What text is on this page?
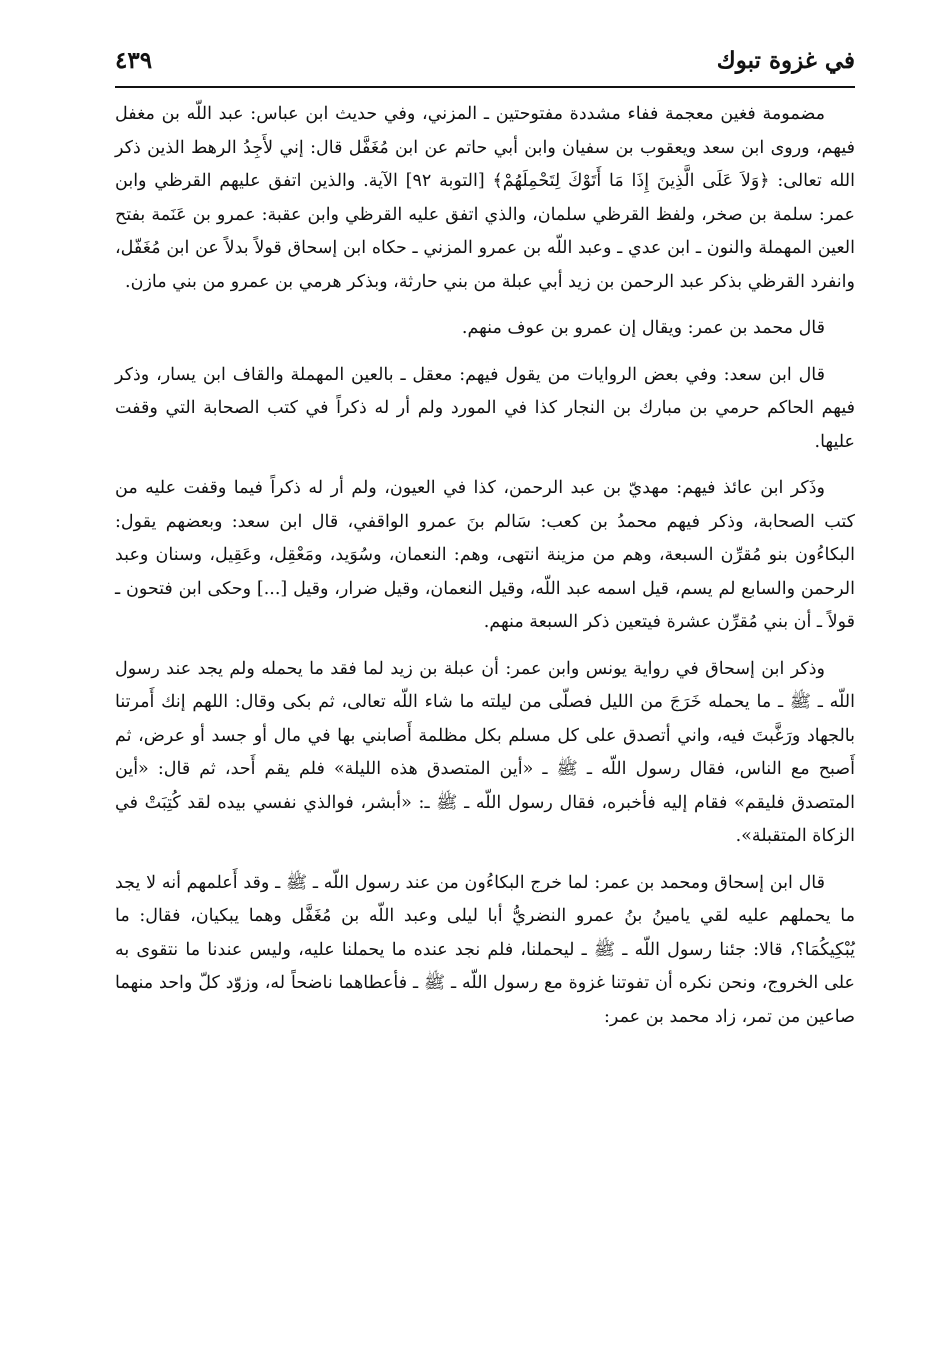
في غزوة تبوك
٤٣٩

مضمومة فغين معجمة ففاء مشددة مفتوحتين ـ المزني، وفي حديث ابن عباس: عبد اللّه بن مغفل فيهم، وروى ابن سعد ويعقوب بن سفيان وابن أبي حاتم عن ابن مُغَفَّل قال: إني لأَجِدُ الرهط الذين ذكر الله تعالى: ﴿وَلاَ عَلَى الَّذِينَ إِذَا مَا أَتَوْكَ لِتَحْمِلَهُمْ﴾ [التوبة ٩٢] الآية. والذين اتفق عليهم القرظي وابن عمر: سلمة بن صخر، ولفظ القرظي سلمان، والذي اتفق عليه القرظي وابن عقبة: عمرو بن عَنَمة بفتح العين المهملة والنون ـ ابن عدي ـ وعبد اللّه بن عمرو المزني ـ حكاه ابن إسحاق قولاً بدلاً عن ابن مُغَفّل، وانفرد القرظي بذكر عبد الرحمن بن زيد أبي عبلة من بني حارثة، وبذكر هرمي بن عمرو من بني مازن.

قال محمد بن عمر: ويقال إن عمرو بن عوف منهم.

قال ابن سعد: وفي بعض الروايات من يقول فيهم: معقل ـ بالعين المهملة والقاف ابن يسار، وذكر فيهم الحاكم حرمي بن مبارك بن النجار كذا في المورد ولم أر له ذكراً في كتب الصحابة التي وقفت عليها.

وذَكر ابن عائذ فيهم: مهديّ بن عبد الرحمن، كذا في العيون، ولم أر له ذكراً فيما وقفت عليه من كتب الصحابة، وذكر فيهم محمدُ بن كعب: سَالم بنَ عمرو الواقفي، قال ابن سعد: وبعضهم يقول: البكاءُون بنو مُقرِّن السبعة، وهم من مزينة انتهى، وهم: النعمان، وسُوَيد، ومَعْقِل، وعَقِيل، وسنان وعبد الرحمن والسابع لم يسم، قيل اسمه عبد اللّه، وقيل النعمان، وقيل ضرار، وقيل [...] وحكى ابن فتحون ـ قولاً ـ أن بني مُقرِّن عشرة فيتعين ذكر السبعة منهم.

وذكر ابن إسحاق في رواية يونس وابن عمر: أن عبلة بن زيد لما فقد ما يحمله ولم يجد عند رسول اللّه ـ ﷺ ـ ما يحمله خَرَجَ من الليل فصلّى من ليلته ما شاء اللّه تعالى، ثم بكى وقال: اللهم إنك أَمرتنا بالجهاد ورَغَّبتَ فيه، واني أتصدق على كل مسلم بكل مظلمة أَصابني بها في مال أو جسد أو عرض، ثم أَصبح مع الناس، فقال رسول اللّه ـ ﷺ ـ «أين المتصدق هذه الليلة» فلم يقم أَحد، ثم قال: «أين المتصدق فليقم» فقام إليه فأخبره، فقال رسول اللّه ـ ﷺ ـ: «أبشر، فوالذي نفسي بيده لقد كُتِبَتْ في الزكاة المتقبلة».

قال ابن إسحاق ومحمد بن عمر: لما خرج البكاءُون من عند رسول اللّه ـ ﷺ ـ وقد أَعلمهم أنه لا يجد ما يحملهم عليه لقي يامينُ بنُ عمرو النضريُّ أبا ليلى وعبد اللّه بن مُغَفَّل وهما يبكيان، فقال: ما يُبْكِيكُمَا؟، قالا: جئنا رسول اللّه ـ ﷺ ـ ليحملنا، فلم نجد عنده ما يحملنا عليه، وليس عندنا ما نتقوى به على الخروج، ونحن نكره أن تفوتنا غزوة مع رسول اللّه ـ ﷺ ـ فأعطاهما ناضحاً له، وزوّد كلّ واحد منهما صاعين من تمر، زاد محمد بن عمر:
